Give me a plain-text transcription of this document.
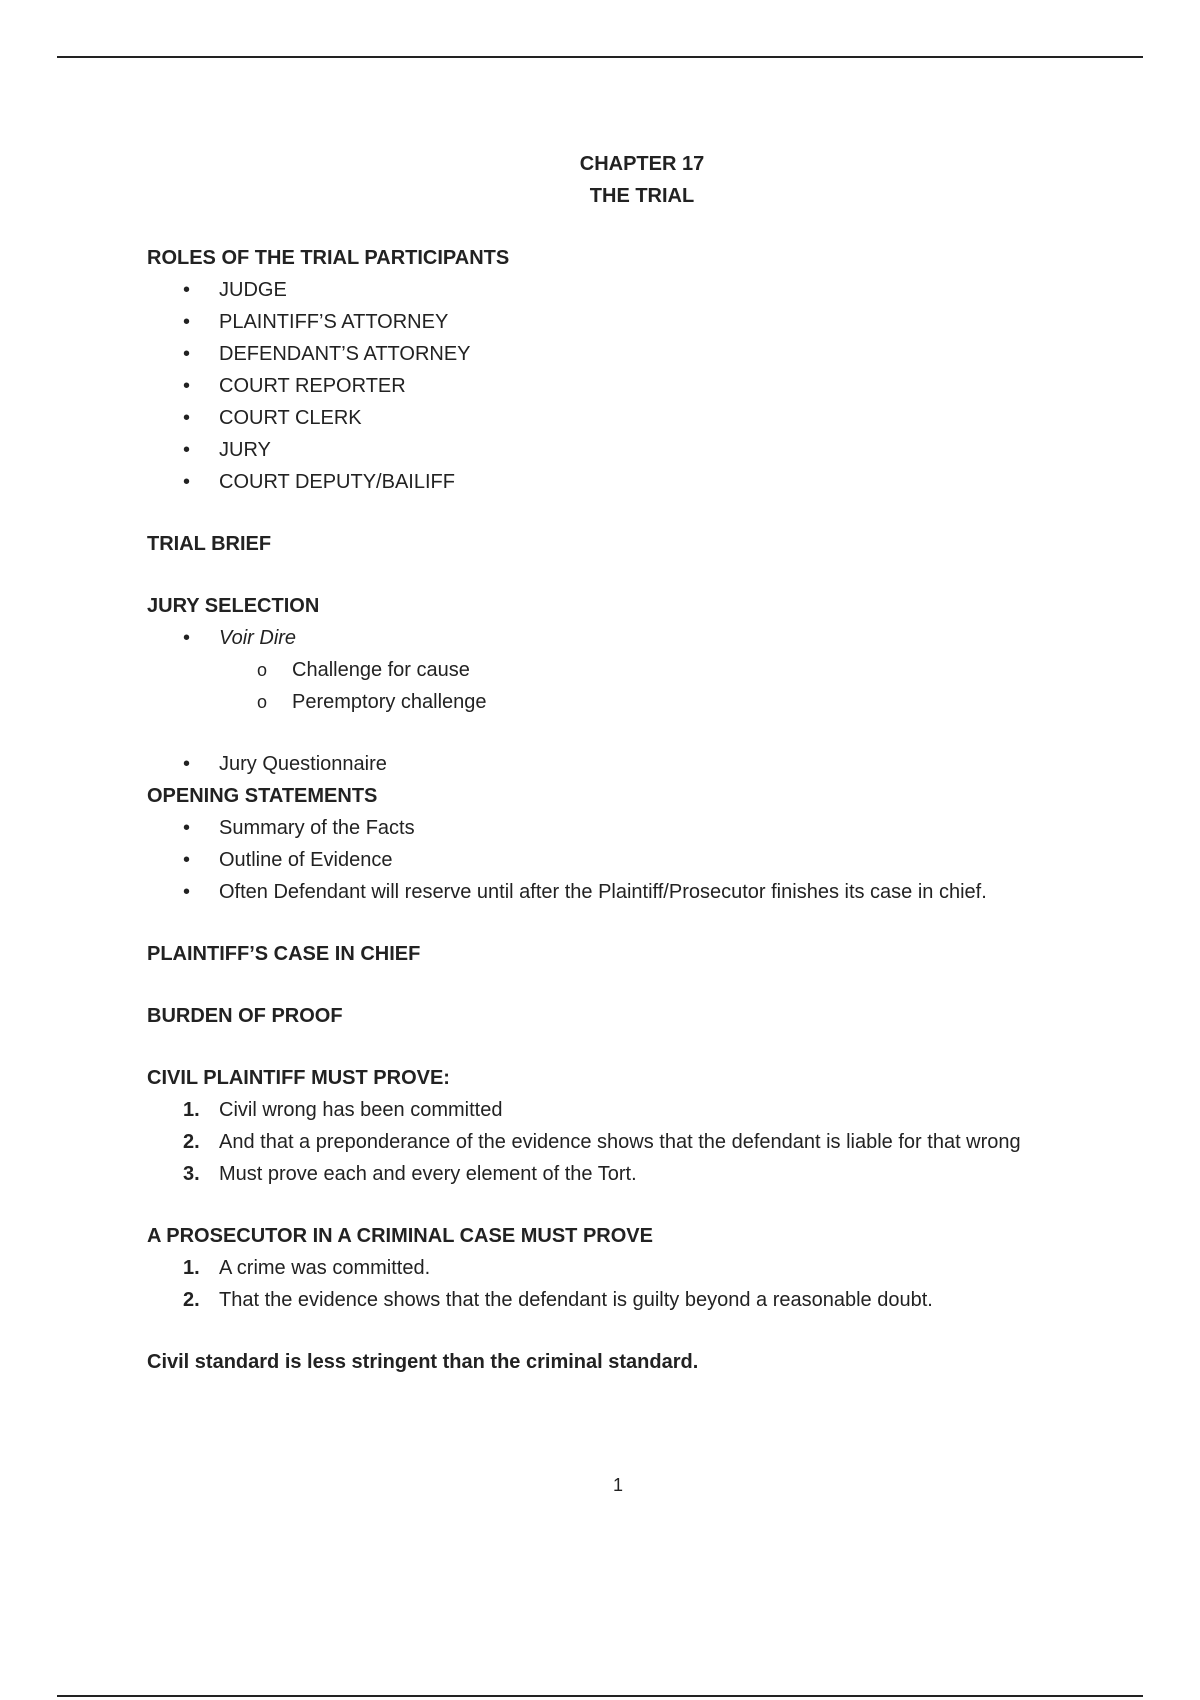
CHAPTER 17
THE TRIAL
ROLES OF THE TRIAL PARTICIPANTS
• JUDGE
• PLAINTIFF’S ATTORNEY
• DEFENDANT’S ATTORNEY
• COURT REPORTER
• COURT CLERK
• JURY
• COURT DEPUTY/BAILIFF
TRIAL BRIEF
JURY SELECTION
• Voir Dire
o Challenge for cause
o Peremptory challenge
• Jury Questionnaire
OPENING STATEMENTS
• Summary of the Facts
• Outline of Evidence
• Often Defendant will reserve until after the Plaintiff/Prosecutor finishes its case in chief.
PLAINTIFF’S CASE IN CHIEF
BURDEN OF PROOF
CIVIL PLAINTIFF MUST PROVE:
1. Civil wrong has been committed
2. And that a preponderance of the evidence shows that the defendant is liable for that wrong
3. Must prove each and every element of the Tort.
A PROSECUTOR IN A CRIMINAL CASE MUST PROVE
1. A crime was committed.
2. That the evidence shows that the defendant is guilty beyond a reasonable doubt.
Civil standard is less stringent than the criminal standard.
1
